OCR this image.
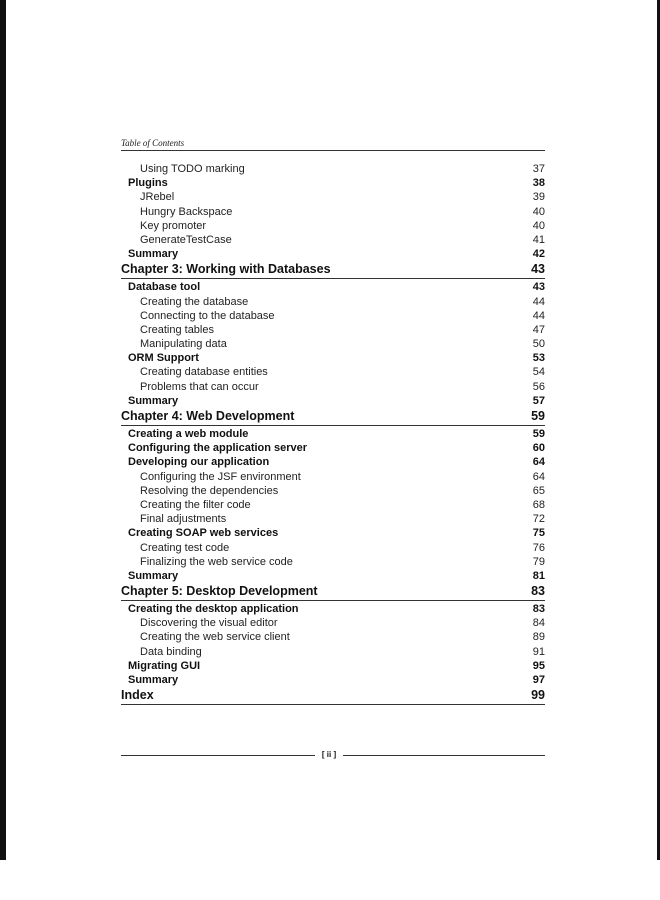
Table of Contents
Using TODO marking	37
Plugins	38
JRebel	39
Hungry Backspace	40
Key promoter	40
GenerateTestCase	41
Summary	42
Chapter 3: Working with Databases	43
Database tool	43
Creating the database	44
Connecting to the database	44
Creating tables	47
Manipulating data	50
ORM Support	53
Creating database entities	54
Problems that can occur	56
Summary	57
Chapter 4: Web Development	59
Creating a web module	59
Configuring the application server	60
Developing our application	64
Configuring the JSF environment	64
Resolving the dependencies	65
Creating the filter code	68
Final adjustments	72
Creating SOAP web services	75
Creating test code	76
Finalizing the web service code	79
Summary	81
Chapter 5: Desktop Development	83
Creating the desktop application	83
Discovering the visual editor	84
Creating the web service client	89
Data binding	91
Migrating GUI	95
Summary	97
Index	99
[ ii ]
